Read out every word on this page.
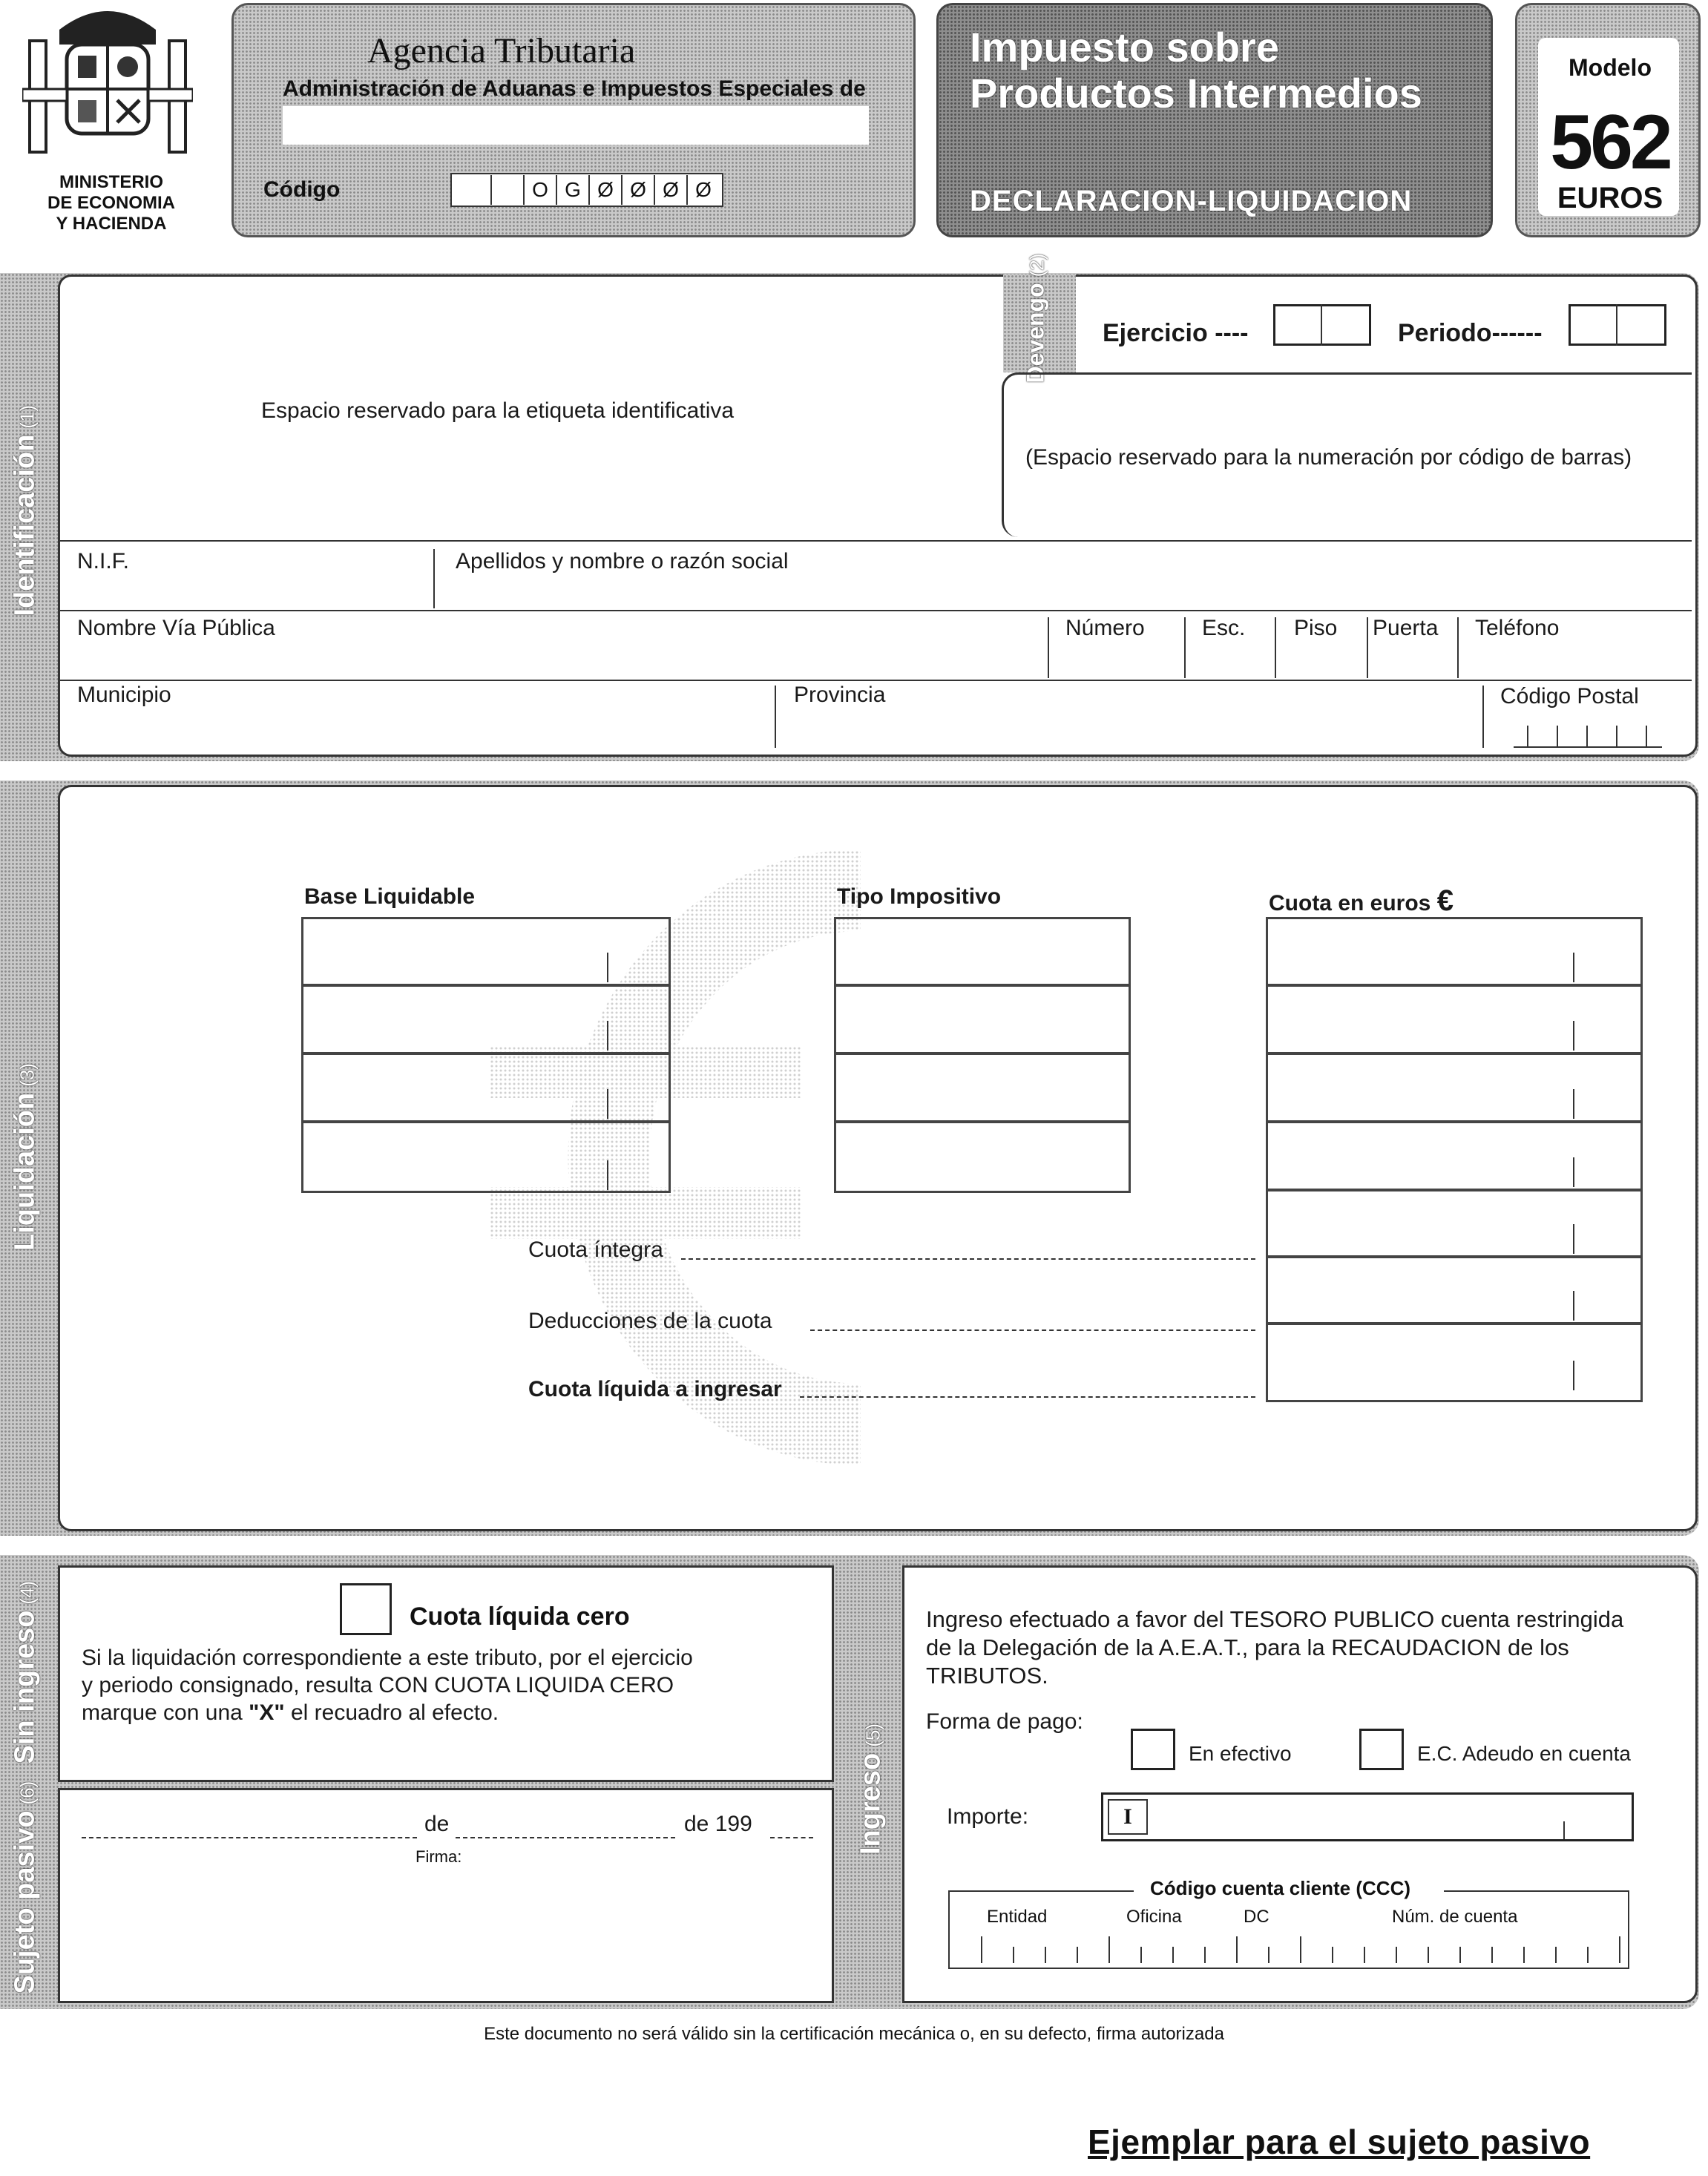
MINISTERIO
DE ECONOMIA
Y HACIENDA
Agencia Tributaria
Administración de Aduanas e Impuestos Especiales de
Código	O G Ø Ø Ø Ø
Impuesto sobre
Productos Intermedios
DECLARACION-LIQUIDACION
Modelo
562
EUROS
Identificación(1)	Espacio reservado para la etiqueta identificativa
Devengo(2)
Ejercicio ----	Periodo------
(Espacio reservado para la numeración por código de barras)
N.I.F.	Apellidos y nombre o razón social
Nombre Vía Pública	Número	Esc. Piso Puerta Teléfono
Municipio	Provincia	Código Postal
Liquidación(3)
Base Liquidable	Tipo Impositivo	Cuota en euros €
Cuota íntegra
Deducciones de la cuota
Cuota líquida a ingresar
Sin ingreso(4)
Sujeto pasivo(6)	Ingreso(5)
Cuota líquida cero
Si la liquidación correspondiente a este tributo, por el ejercicio
y periodo consignado, resulta CON CUOTA LIQUIDA CERO
marque con una "X" el recuadro al efecto.
de	de 199
Firma:
Ingreso efectuado a favor del TESORO PUBLICO cuenta restringida
de la Delegación de la A.E.A.T., para la RECAUDACION de los
TRIBUTOS.
Forma de pago:
En efectivo	E.C. Adeudo en cuenta
Importe:	I
Código cuenta cliente (CCC)
Entidad	Oficina	DC	Núm. de cuenta
Este documento no será válido sin la certificación mecánica o, en su defecto, firma autorizada
Ejemplar para el sujeto pasivo
